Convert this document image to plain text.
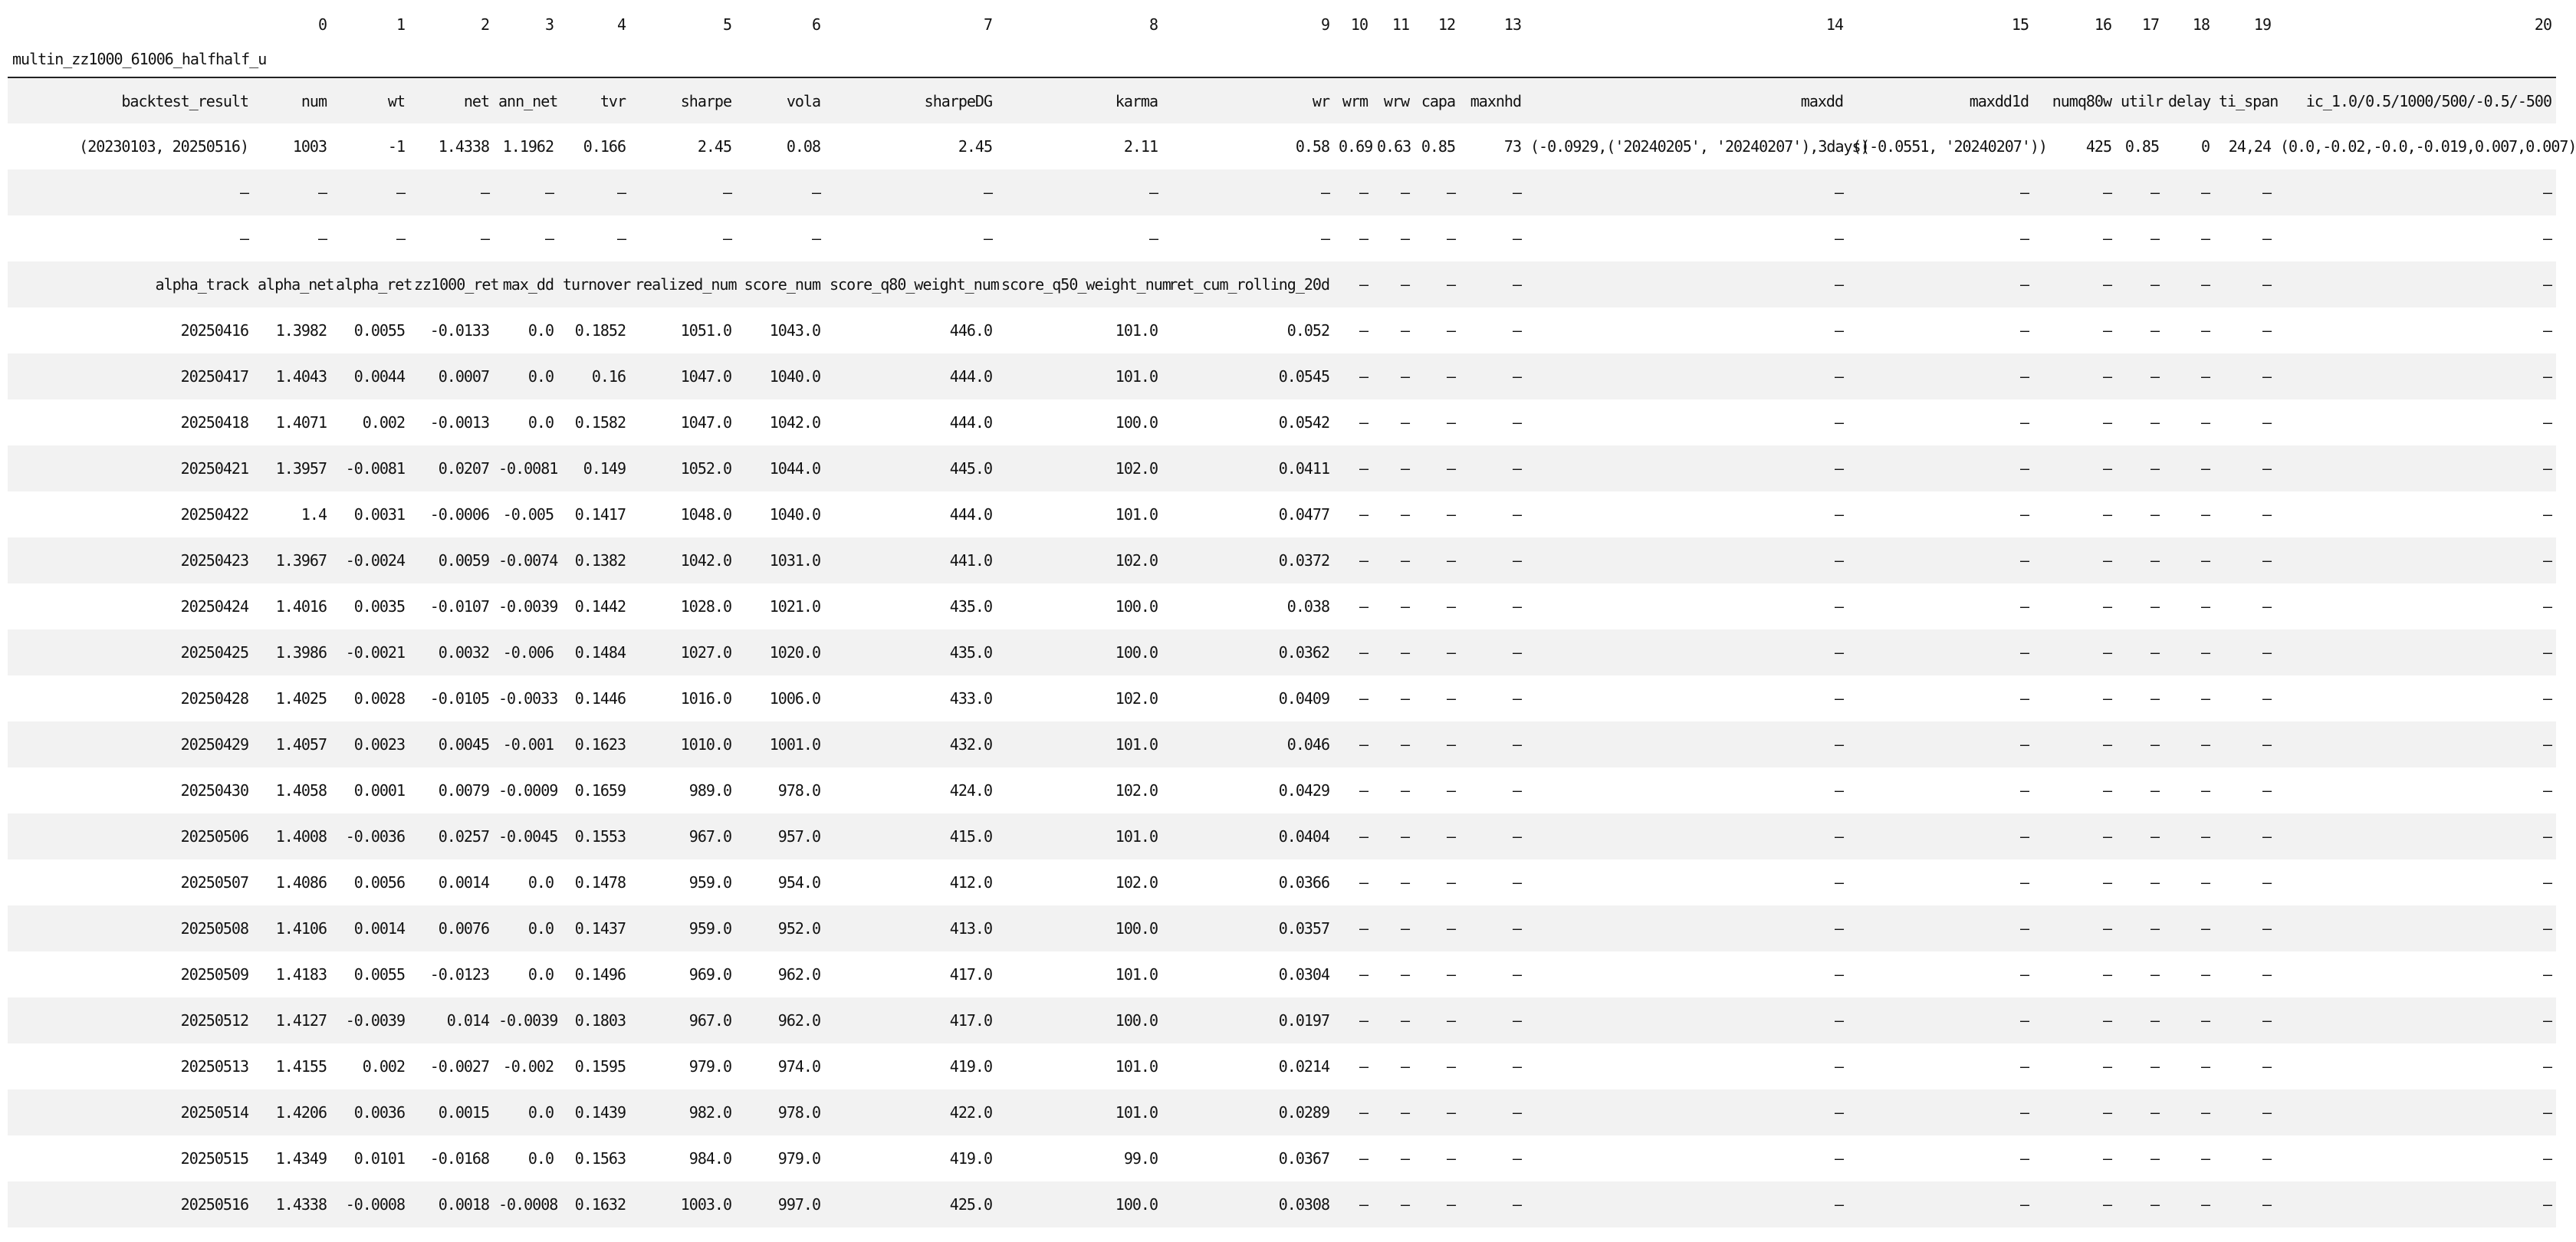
	0	1	2	3	4	5	6	7	8	9	10	11	12	13	14	15	16	17	18	19	20
multin_zz1000_61006_halfhalf_u																					
backtest_result	num	wt	net	ann_net	tvr	sharpe	vola	sharpeDG	karma	wr	wrm	wrw	capa	maxnhd	maxdd	maxdd1d	numq80w	utilr	delay	ti_span	ic_1.0/0.5/1000/500/-0.5/-500
(20230103, 20250516)	1003	-1	1.4338	1.1962	0.166	2.45	0.08	2.45	2.11	0.58	0.69	0.63	0.85	73	(-0.0929,('20240205', '20240207'),3days)	((-0.0551, '20240207'))	425	0.85	0	24,24	(0.0,-0.02,-0.0,-0.019,0.007,0.007)
—	—	—	—	—	—	—	—	—	—	—	—	—	—	—	—	—	—	—	—	—	—
—	—	—	—	—	—	—	—	—	—	—	—	—	—	—	—	—	—	—	—	—	—
alpha_track	alpha_net	alpha_ret	zz1000_ret	max_dd	turnover	realized_num	score_num	score_q80_weight_num	score_q50_weight_num	ret_cum_rolling_20d	—	—	—	—	—	—	—	—	—	—	—
20250416	1.3982	0.0055	-0.0133	0.0	0.1852	1051.0	1043.0	446.0	101.0	0.052	—	—	—	—	—	—	—	—	—	—	—
20250417	1.4043	0.0044	0.0007	0.0	0.16	1047.0	1040.0	444.0	101.0	0.0545	—	—	—	—	—	—	—	—	—	—	—
20250418	1.4071	0.002	-0.0013	0.0	0.1582	1047.0	1042.0	444.0	100.0	0.0542	—	—	—	—	—	—	—	—	—	—	—
20250421	1.3957	-0.0081	0.0207	-0.0081	0.149	1052.0	1044.0	445.0	102.0	0.0411	—	—	—	—	—	—	—	—	—	—	—
20250422	1.4	0.0031	-0.0006	-0.005	0.1417	1048.0	1040.0	444.0	101.0	0.0477	—	—	—	—	—	—	—	—	—	—	—
20250423	1.3967	-0.0024	0.0059	-0.0074	0.1382	1042.0	1031.0	441.0	102.0	0.0372	—	—	—	—	—	—	—	—	—	—	—
20250424	1.4016	0.0035	-0.0107	-0.0039	0.1442	1028.0	1021.0	435.0	100.0	0.038	—	—	—	—	—	—	—	—	—	—	—
20250425	1.3986	-0.0021	0.0032	-0.006	0.1484	1027.0	1020.0	435.0	100.0	0.0362	—	—	—	—	—	—	—	—	—	—	—
20250428	1.4025	0.0028	-0.0105	-0.0033	0.1446	1016.0	1006.0	433.0	102.0	0.0409	—	—	—	—	—	—	—	—	—	—	—
20250429	1.4057	0.0023	0.0045	-0.001	0.1623	1010.0	1001.0	432.0	101.0	0.046	—	—	—	—	—	—	—	—	—	—	—
20250430	1.4058	0.0001	0.0079	-0.0009	0.1659	989.0	978.0	424.0	102.0	0.0429	—	—	—	—	—	—	—	—	—	—	—
20250506	1.4008	-0.0036	0.0257	-0.0045	0.1553	967.0	957.0	415.0	101.0	0.0404	—	—	—	—	—	—	—	—	—	—	—
20250507	1.4086	0.0056	0.0014	0.0	0.1478	959.0	954.0	412.0	102.0	0.0366	—	—	—	—	—	—	—	—	—	—	—
20250508	1.4106	0.0014	0.0076	0.0	0.1437	959.0	952.0	413.0	100.0	0.0357	—	—	—	—	—	—	—	—	—	—	—
20250509	1.4183	0.0055	-0.0123	0.0	0.1496	969.0	962.0	417.0	101.0	0.0304	—	—	—	—	—	—	—	—	—	—	—
20250512	1.4127	-0.0039	0.014	-0.0039	0.1803	967.0	962.0	417.0	100.0	0.0197	—	—	—	—	—	—	—	—	—	—	—
20250513	1.4155	0.002	-0.0027	-0.002	0.1595	979.0	974.0	419.0	101.0	0.0214	—	—	—	—	—	—	—	—	—	—	—
20250514	1.4206	0.0036	0.0015	0.0	0.1439	982.0	978.0	422.0	101.0	0.0289	—	—	—	—	—	—	—	—	—	—	—
20250515	1.4349	0.0101	-0.0168	0.0	0.1563	984.0	979.0	419.0	99.0	0.0367	—	—	—	—	—	—	—	—	—	—	—
20250516	1.4338	-0.0008	0.0018	-0.0008	0.1632	1003.0	997.0	425.0	100.0	0.0308	—	—	—	—	—	—	—	—	—	—	—
